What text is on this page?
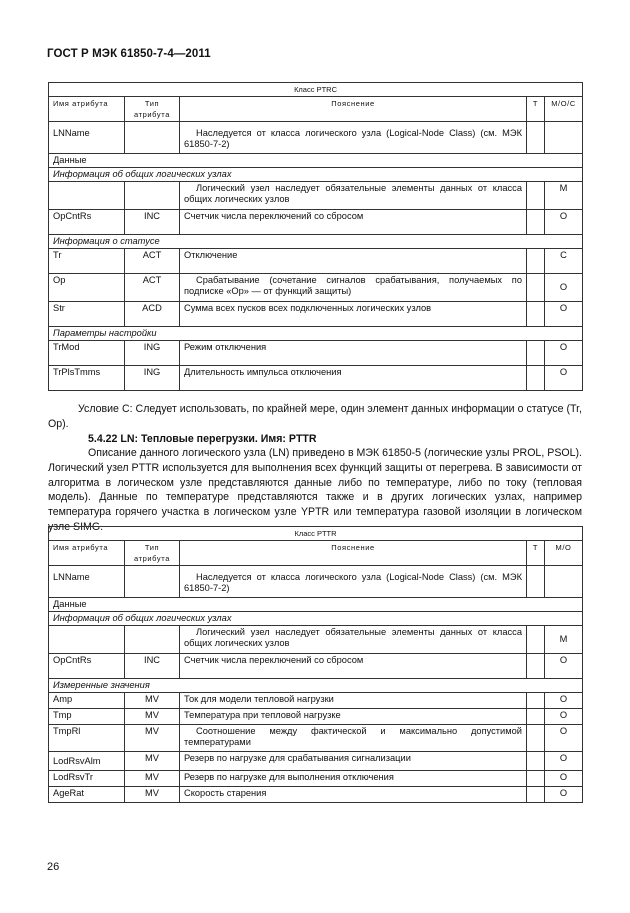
ГОСТ Р МЭК 61850-7-4—2011
Класс PTRC				
Имя атрибута	Тип атрибута	Пояснение	Т	M/O/C
LNName		Наследуется от класса логического узла (Logical-Node Class) (см. МЭК 61850-7-2)		
Данные				
Информация об общих логических узлах				
		Логический узел наследует обязательные элементы данных от класса общих логических узлов		М
OpCntRs	INC	Счетчик числа переключений со сбросом		О
Информация о статусе				
Tr	ACT	Отключение		С
Op	ACT	Срабатывание (сочетание сигналов срабатывания, получаемых по подписке «Op» — от функций защиты)		О
Str	ACD	Сумма всех пусков всех подключенных логических узлов		О
Параметры настройки				
TrMod	ING	Режим отключения		О
TrPlsTmms	ING	Длительность импульса отключения		О

Условие С: Следует использовать, по крайней мере, один элемент данных информации о статусе (Tr, Op).

5.4.22 LN: Тепловые перегрузки. Имя: PTTR

Описание данного логического узла (LN) приведено в МЭК 61850-5 (логические узлы PROL, PSOL). Логический узел PTTR используется для выполнения всех функций защиты от перегрева. В зависимости от алгоритма в логическом узле представляются данные либо по температуре, либо по току (тепловая модель). Данные по температуре представляются также и в других логических узлах, например температура горячего участка в логическом узле YPTR или температура газовой изоляции в логическом узле SIMG.

Класс PTTR				
Имя атрибута	Тип атрибута	Пояснение	Т	М/О
LNName		Наследуется от класса логического узла (Logical-Node Class) (см. МЭК 61850-7-2)		
Данные				
Информация об общих логических узлах				
		Логический узел наследует обязательные элементы данных от класса общих логических узлов		М
OpCntRs	INC	Счетчик числа переключений со сбросом		О
Измеренные значения				
Amp	MV	Ток для модели тепловой нагрузки		О
Tmp	MV	Температура при тепловой нагрузке		О
TmpRl	MV	Соотношение между фактической и максимально допустимой температурами		О
LodRsvAlm	MV	Резерв по нагрузке для срабатывания сигнализации		О
LodRsvTr	MV	Резерв по нагрузке для выполнения отключения		О
AgeRat	MV	Скорость старения		О
26
